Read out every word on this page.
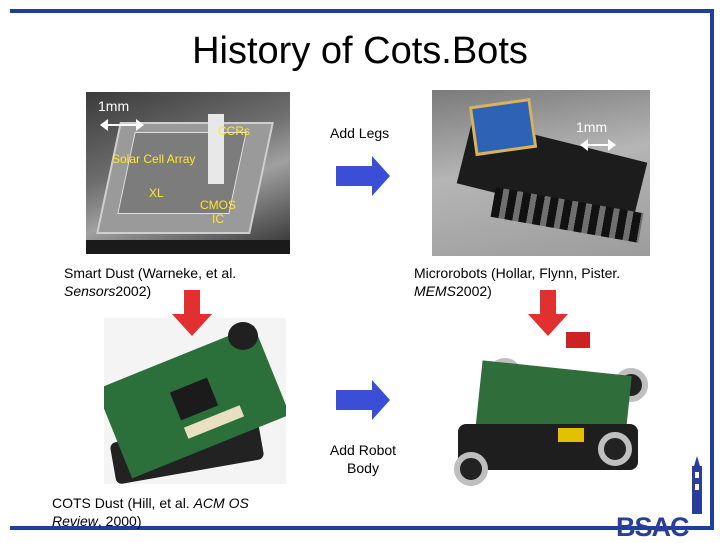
History of Cots.Bots
1mm
CCRs
Solar Cell Array
XL
CMOS
IC
1mm
Add Legs
Add Robot
Body
Smart Dust (Warneke, et al.
Sensors2002)
Microrobots (Hollar, Flynn, Pister.
MEMS2002)
COTS Dust (Hill, et al. ACM OS
Review, 2000)	BSAC
